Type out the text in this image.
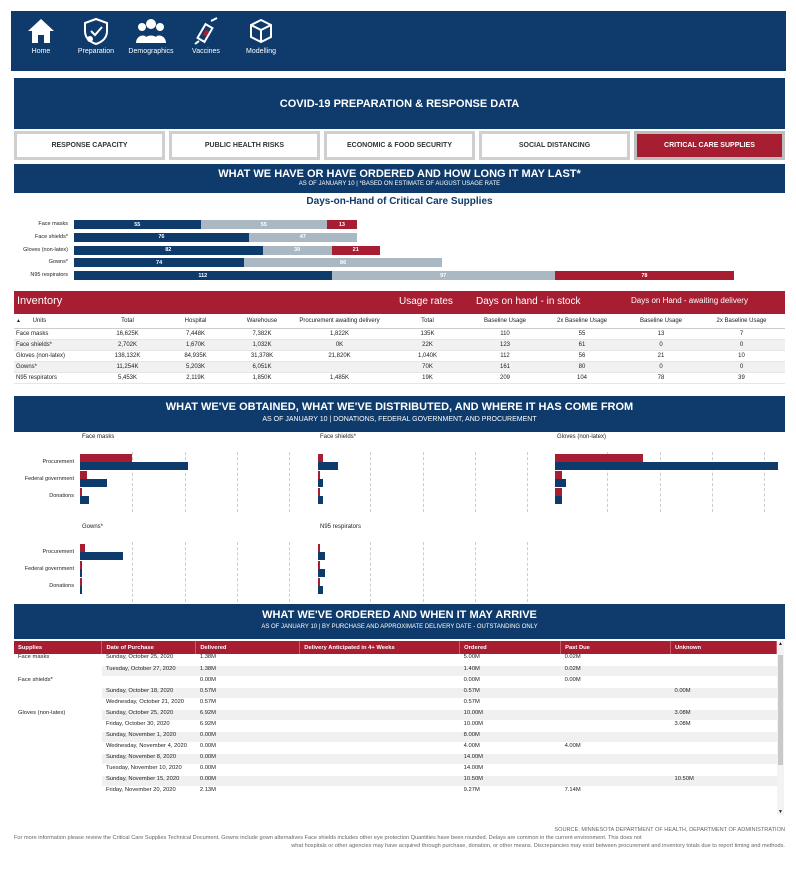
Home	Preparation	Demographics	Vaccines	Modelling
COVID-19 PREPARATION & RESPONSE DATA
RESPONSE CAPACITY	PUBLIC HEALTH RISKS	ECONOMIC & FOOD SECURITY	SOCIAL DISTANCING	CRITICAL CARE SUPPLIES
WHAT WE HAVE OR HAVE ORDERED AND HOW LONG IT MAY LAST*
AS OF JANUARY 10 | *BASED ON ESTIMATE OF AUGUST USAGE RATE
Days-on-Hand of Critical Care Supplies
Face masks	55	55	13
Face shields*	76	47
Gloves (non-latex)	82	30	21
Gowns*	74	86
N95 respirators	112	97	78
Inventory	Usage rates Days on hand - in stock	Days on Hand - awaiting delivery
▲ Units	Total	Hospital	Warehouse	Procurement awaiting delivery	Total	Baseline Usage	2x Baseline Usage	Baseline Usage	2x Baseline Usage
Face masks	16,625K	7,448K	7,382K	1,822K	135K	110	55	13	7
Face shields*	2,702K	1,670K	1,032K	0K	22K	123	61	0	0
Gloves (non-latex)	138,132K	84,935K	31,378K	21,820K	1,040K	112	56	21	10
Gowns*	11,254K	5,203K	6,051K		70K	161	80	0	0
N95 respirators	5,453K	2,119K	1,850K	1,485K	19K	209	104	78	39
WHAT WE'VE OBTAINED, WHAT WE'VE DISTRIBUTED, AND WHERE IT HAS COME FROM
AS OF JANUARY 10 | DONATIONS, FEDERAL GOVERNMENT, AND PROCUREMENT
Face masks
Procurement
Federal government
Donations
Face shields*	Gloves (non-latex)
Gowns*
Procurement
Federal government
Donations
N95 respirators
WHAT WE'VE ORDERED AND WHEN IT MAY ARRIVE
AS OF JANUARY 10 | BY PURCHASE AND APPROXIMATE DELIVERY DATE - OUTSTANDING ONLY
Supplies	Date of Purchase	Delivered	Delivery Anticipated in 4+ Weeks	Ordered	Past Due	Unknown
Face masks	Sunday, October 25, 2020	1.38M		5.00M	0.02M	
	Tuesday, October 27, 2020	1.38M		1.40M	0.02M	
Face shields*		0.00M		0.00M	0.00M	
	Sunday, October 18, 2020	0.57M		0.57M		0.00M
	Wednesday, October 21, 2020	0.57M		0.57M		
Gloves (non-latex)	Sunday, October 25, 2020	6.92M		10.00M		3.08M
	Friday, October 30, 2020	6.92M		10.00M		3.08M
	Sunday, November 1, 2020	0.00M		8.00M		
	Wednesday, November 4, 2020	0.00M		4.00M	4.00M	
	Sunday, November 8, 2020	0.00M		14.00M		
	Tuesday, November 10, 2020	0.00M		14.00M		
	Sunday, November 15, 2020	0.00M		10.50M		10.50M
	Friday, November 20, 2020	2.13M		9.27M	7.14M	
▲
▼
SOURCE: MINNESOTA DEPARTMENT OF HEALTH, DEPARTMENT OF ADMINISTRATION
For more information please review the Critical Care Supplies Technical Document. Gowns include gown alternatives Face shields includes other eye protection Quantities have been rounded. Delays are common in the current environment. This does not
what hospitals or other agencies may have acquired through purchase, donation, or other means. Discrepancies may exist between procurement and inventory totals due to report timing and methods.
